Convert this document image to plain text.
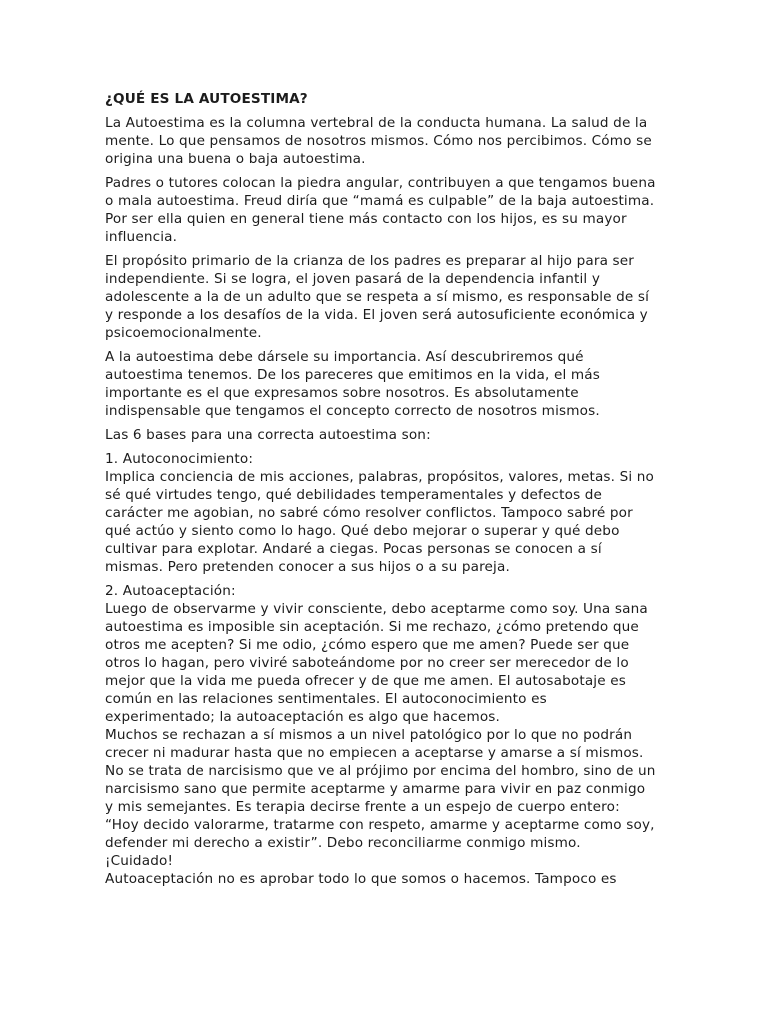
¿QUÉ ES LA AUTOESTIMA?

La Autoestima es la columna vertebral de la conducta humana. La salud de la mente. Lo que pensamos de nosotros mismos. Cómo nos percibimos. Cómo se origina una buena o baja autoestima.

Padres o tutores colocan la piedra angular, contribuyen a que tengamos buena o mala autoestima. Freud diría que “mamá es culpable” de la baja autoestima. Por ser ella quien en general tiene más contacto con los hijos, es su mayor influencia.

El propósito primario de la crianza de los padres es preparar al hijo para ser independiente. Si se logra, el joven pasará de la dependencia infantil y adolescente a la de un adulto que se respeta a sí mismo, es responsable de sí y responde a los desafíos de la vida. El joven será autosuficiente económica y psicoemocionalmente.

A la autoestima debe dársele su importancia. Así descubriremos qué autoestima tenemos. De los pareceres que emitimos en la vida, el más importante es el que expresamos sobre nosotros. Es absolutamente indispensable que tengamos el concepto correcto de nosotros mismos.

Las 6 bases para una correcta autoestima son:

1. Autoconocimiento:
Implica conciencia de mis acciones, palabras, propósitos, valores, metas. Si no sé qué virtudes tengo, qué debilidades temperamentales y defectos de carácter me agobian, no sabré cómo resolver conflictos. Tampoco sabré por qué actúo y siento como lo hago. Qué debo mejorar o superar y qué debo cultivar para explotar. Andaré a ciegas. Pocas personas se conocen a sí mismas. Pero pretenden conocer a sus hijos o a su pareja.

2. Autoaceptación:
Luego de observarme y vivir consciente, debo aceptarme como soy. Una sana autoestima es imposible sin aceptación. Si me rechazo, ¿cómo pretendo que otros me acepten? Si me odio, ¿cómo espero que me amen? Puede ser que otros lo hagan, pero viviré saboteándome por no creer ser merecedor de lo mejor que la vida me pueda ofrecer y de que me amen. El autosabotaje es común en las relaciones sentimentales. El autoconocimiento es experimentado; la autoaceptación es algo que hacemos.
Muchos se rechazan a sí mismos a un nivel patológico por lo que no podrán crecer ni madurar hasta que no empiecen a aceptarse y amarse a sí mismos. No se trata de narcisismo que ve al prójimo por encima del hombro, sino de un narcisismo sano que permite aceptarme y amarme para vivir en paz conmigo y mis semejantes. Es terapia decirse frente a un espejo de cuerpo entero: “Hoy decido valorarme, tratarme con respeto, amarme y aceptarme como soy, defender mi derecho a existir”. Debo reconciliarme conmigo mismo.
¡Cuidado!
Autoaceptación no es aprobar todo lo que somos o hacemos. Tampoco es
